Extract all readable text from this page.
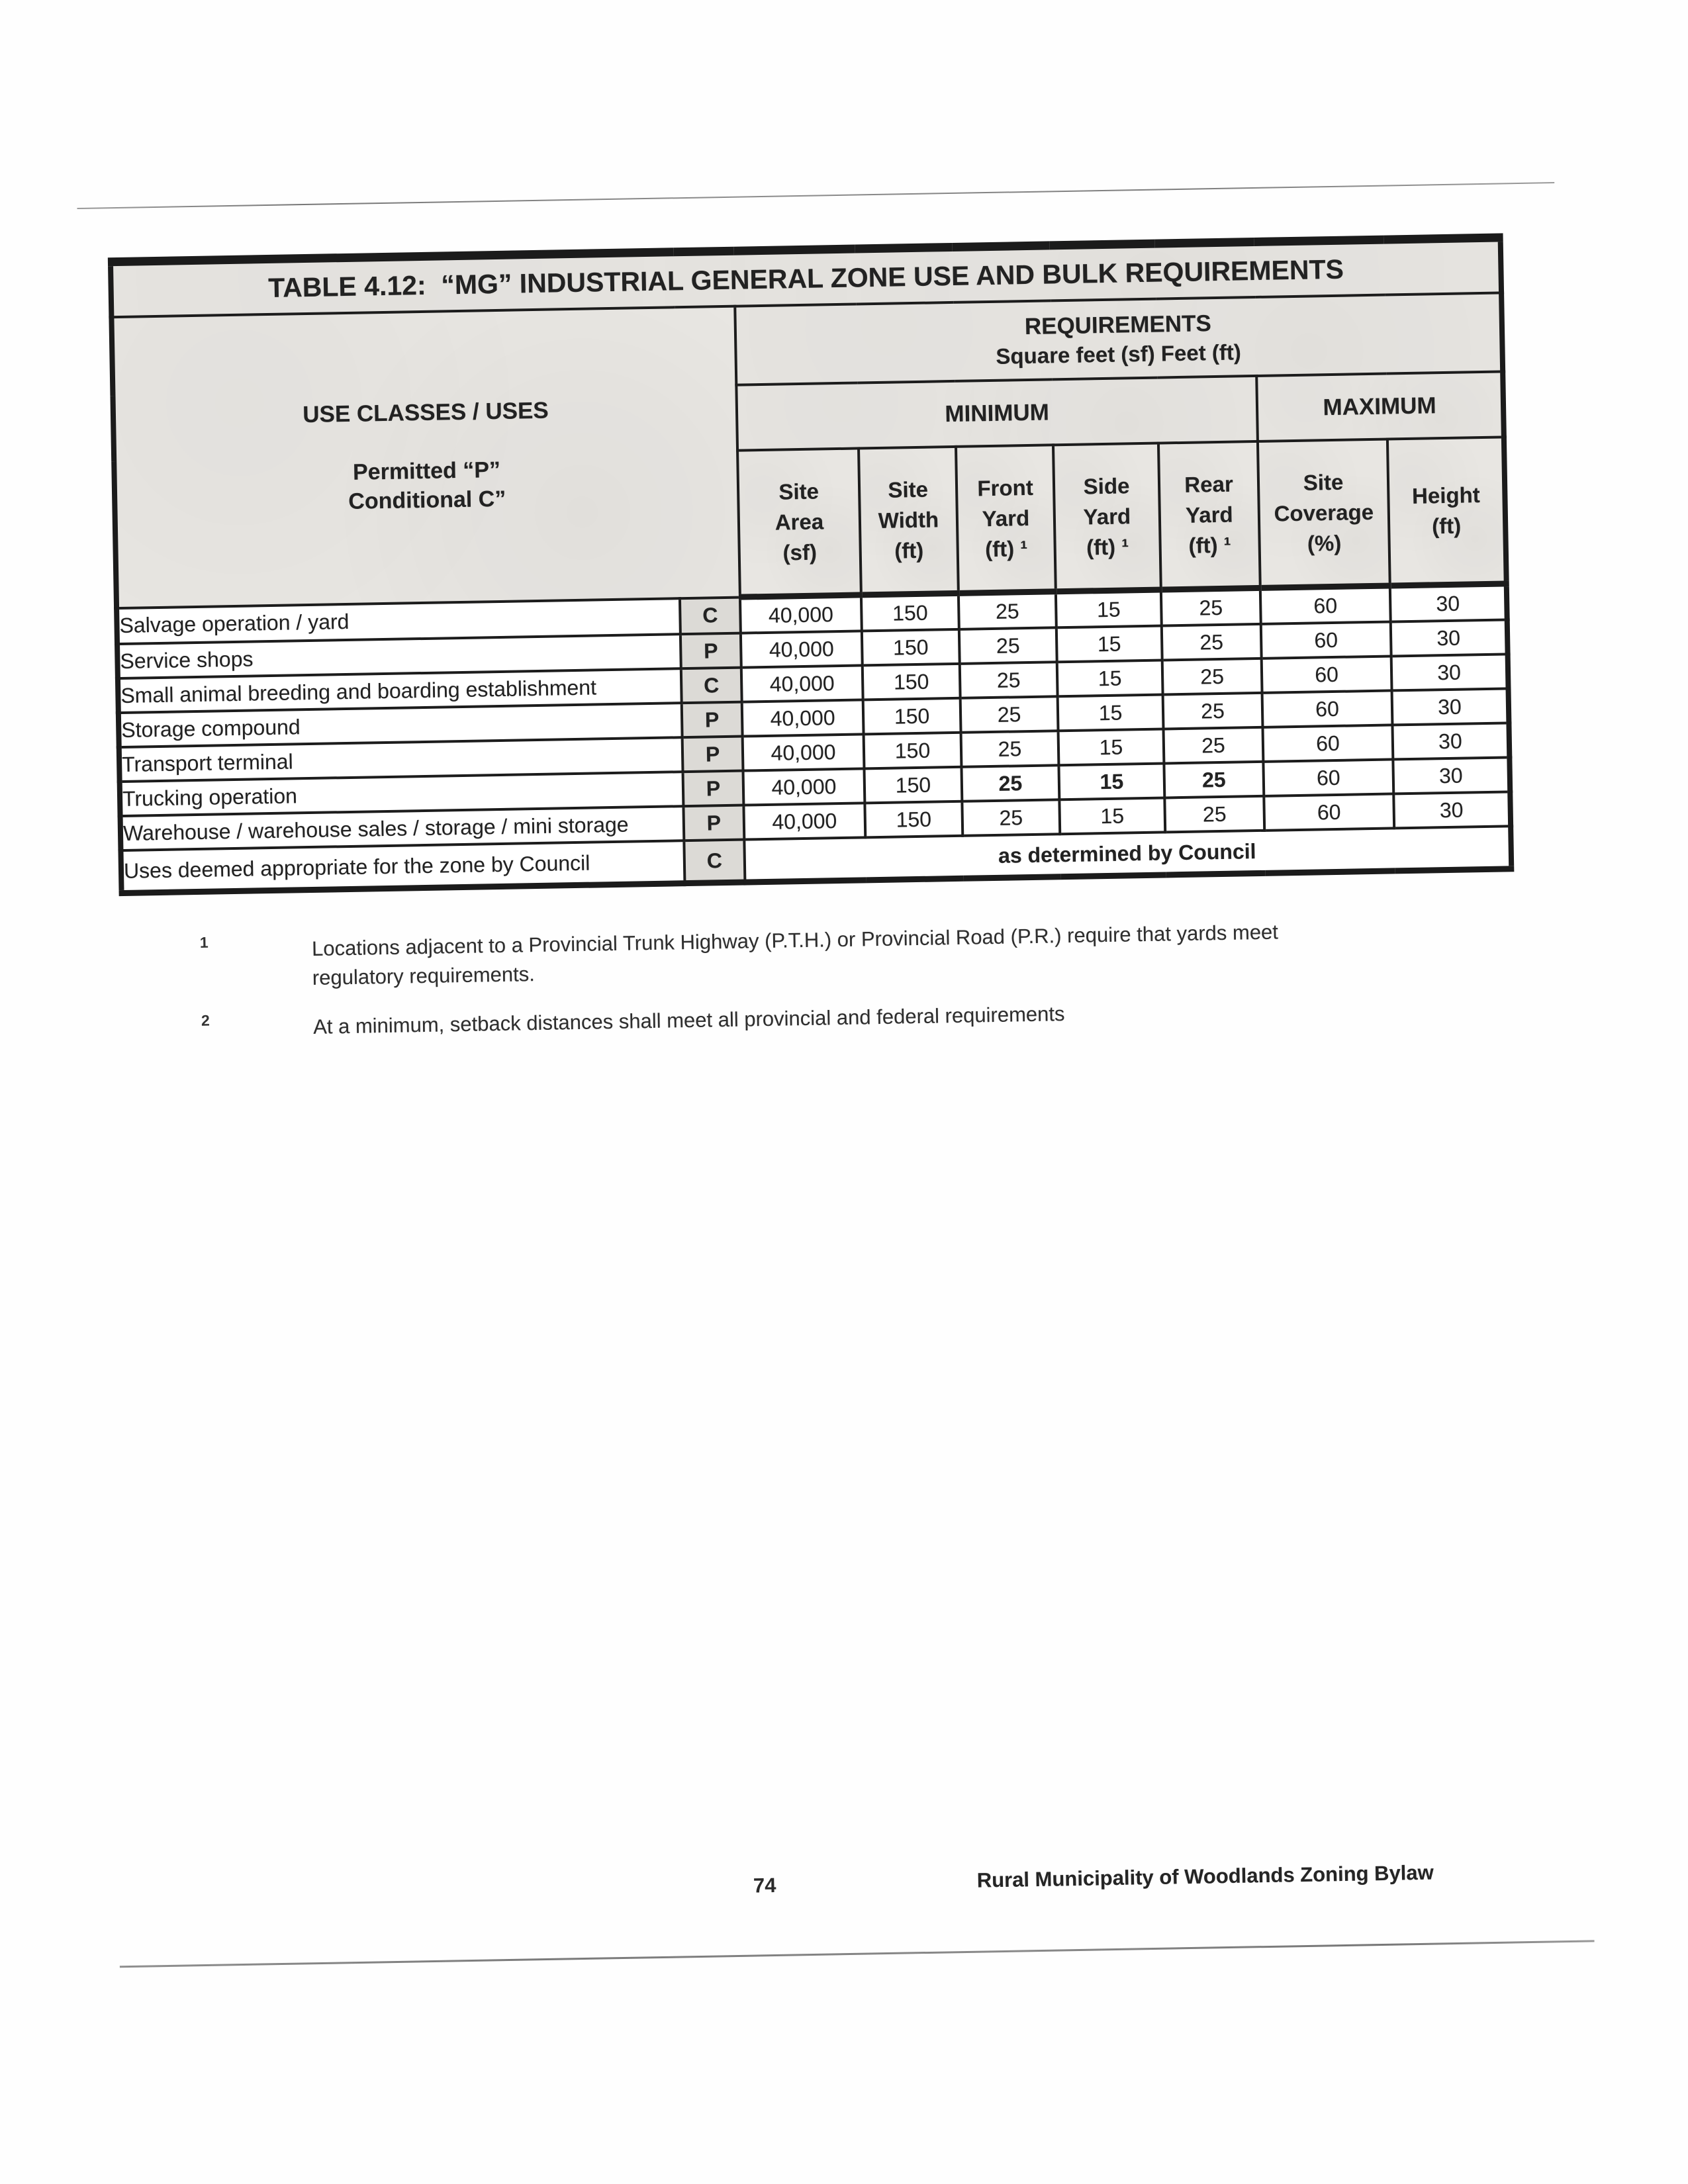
TABLE 4.12:  “MG” INDUSTRIAL GENERAL ZONE USE AND BULK REQUIREMENTS								

USE CLASSES / USES
Permitted “P”
Conditional C”

REQUIREMENTS
Square feet (sf) Feet (ft)

		MINIMUM					MAXIMUM	

Site
Area
(sf)

Site
Width
(ft)

Front
Yard
(ft) ¹

Side
Yard
(ft) ¹

Rear
Yard
(ft) ¹

Site
Coverage
(%)

Height
(ft)

Salvage operation / yard	C	40,000	150	25	15	25	60	30
Service shops	P	40,000	150	25	15	25	60	30
Small animal breeding and boarding establishment	C	40,000	150	25	15	25	60	30
Storage compound	P	40,000	150	25	15	25	60	30
Transport terminal	P	40,000	150	25	15	25	60	30
Trucking operation	P	40,000	150	25	15	25	60	30
Warehouse / warehouse sales / storage / mini storage	P	40,000	150	25	15	25	60	30
Uses deemed appropriate for the zone by Council	C	as determined by Council						
1	Locations adjacent to a Provincial Trunk Highway (P.T.H.) or Provincial Road (P.R.) require that yards meet
regulatory requirements.
2	At a minimum, setback distances shall meet all provincial and federal requirements
74	Rural Municipality of Woodlands Zoning Bylaw
